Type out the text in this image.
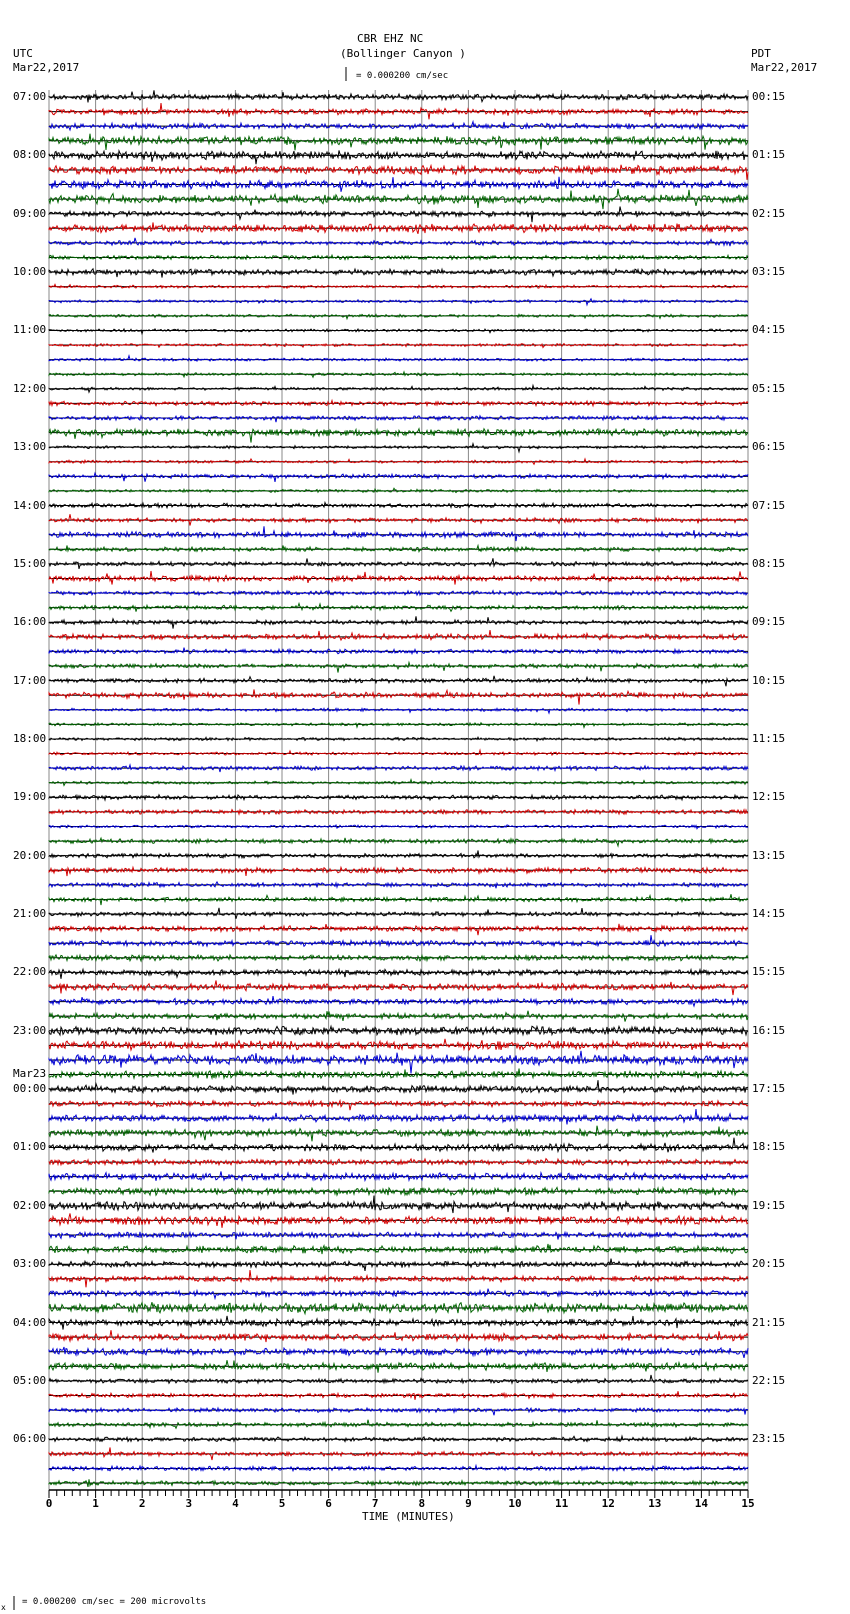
CBR EHZ NC
(Bollinger Canyon )
UTC
Mar22,2017
PDT
Mar22,2017
= 0.000200 cm/sec
TIME (MINUTES)
x
= 0.000200 cm/sec = 200 microvolts
0	1	2	3	4	5	6	7	8	9	10	11	12	13	14	15
07:00
08:00
09:00
10:00
11:00
12:00
13:00
14:00
15:00
16:00
17:00
18:00
19:00
20:00
21:00
22:00
23:00
00:00
01:00
02:00
03:00
04:00
05:00
06:00
00:15
01:15
02:15
03:15
04:15
05:15
06:15
07:15
08:15
09:15
10:15
11:15
12:15
13:15
14:15
15:15
16:15
17:15
18:15
19:15
20:15
21:15
22:15
23:15
Mar23
